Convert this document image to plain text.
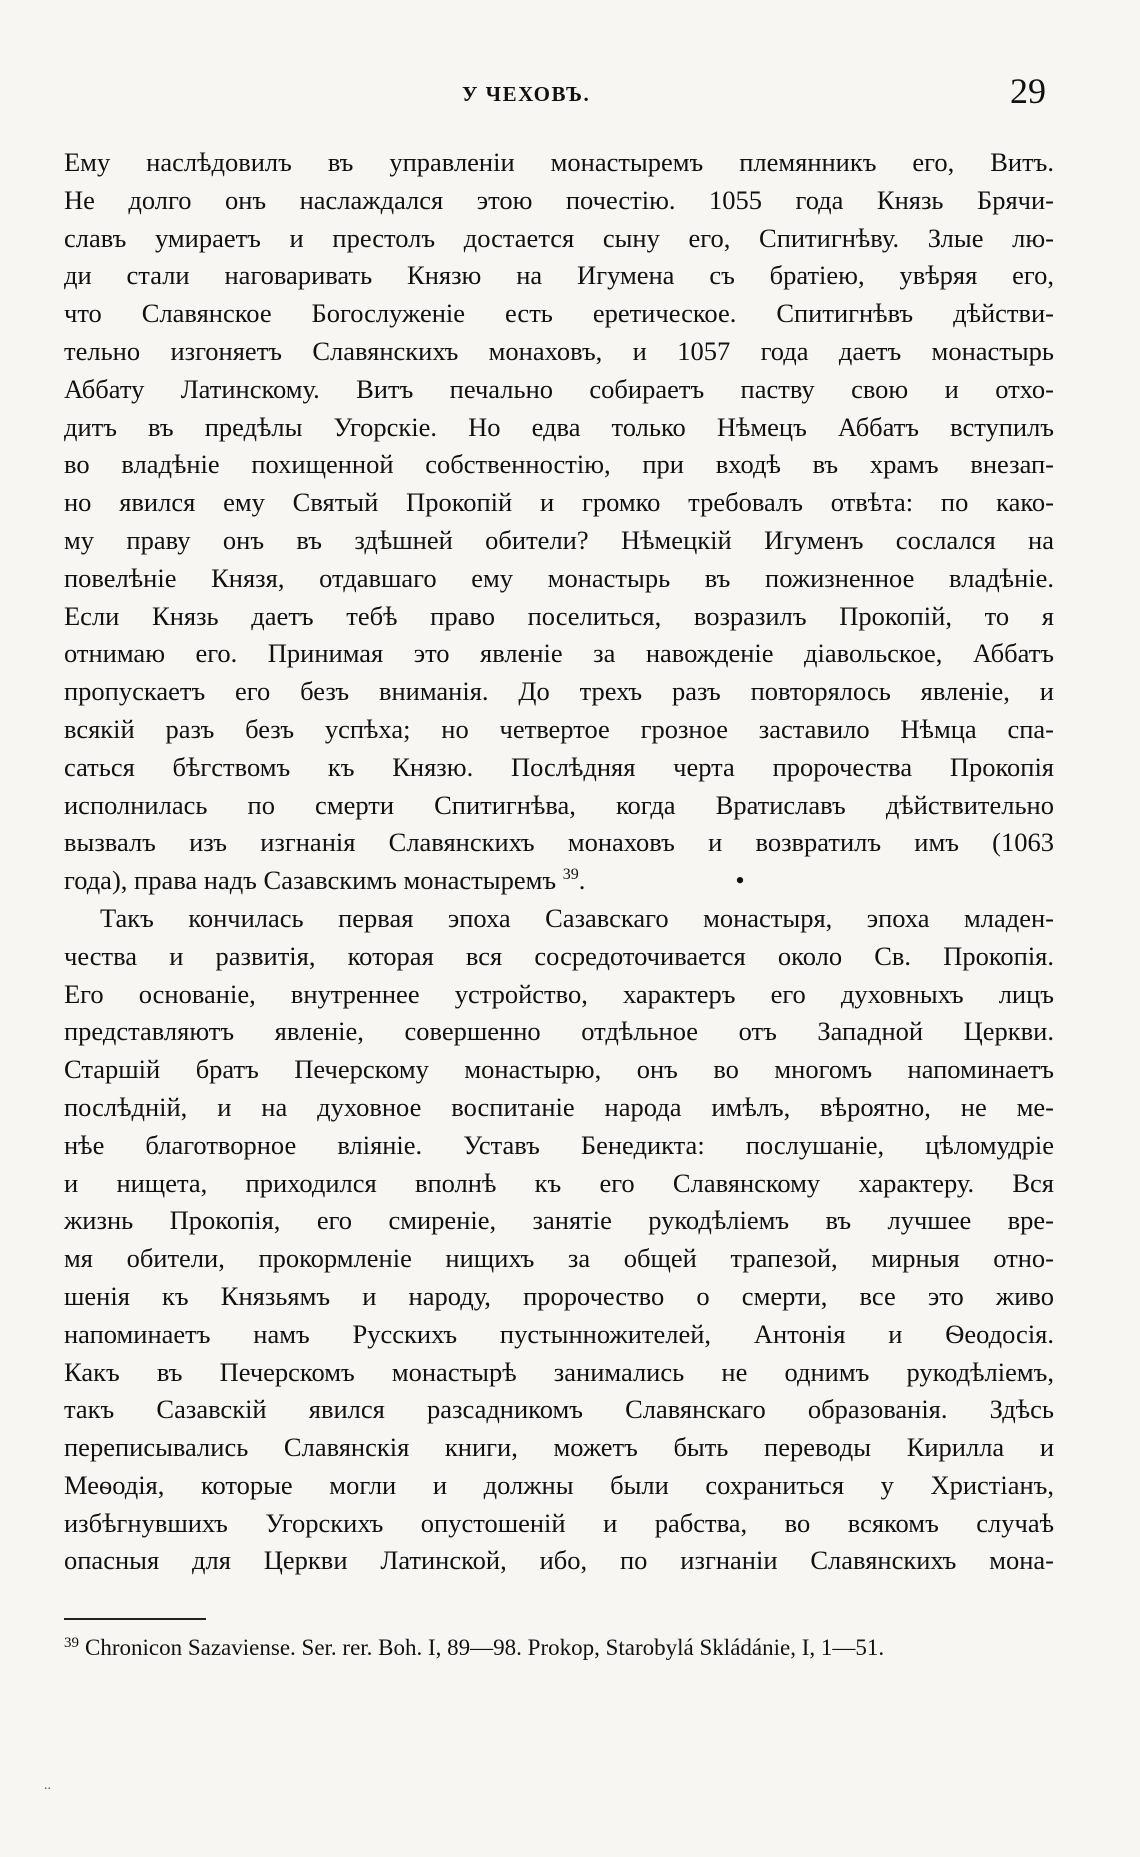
У ЧЕХОВЪ.	29
Ему наслѣдовилъ въ управленіи монастыремъ племянникъ его, Витъ.
Не долго онъ наслаждался этою почестію. 1055 года Князь Брячи-
славъ умираетъ и престолъ достается сыну его, Спитигнѣву. Злые лю-
ди стали наговаривать Князю на Игумена съ братіею, увѣряя его,
что Славянское Богослуженіе есть еретическое. Спитигнѣвъ дѣйстви-
тельно изгоняетъ Славянскихъ монаховъ, и 1057 года даетъ монастырь
Аббату Латинскому. Витъ печально собираетъ паству свою и отхо-
дитъ въ предѣлы Угорскіе. Но едва только Нѣмецъ Аббатъ вступилъ
во владѣніе похищенной собственностію, при входѣ въ храмъ внезап-
но явился ему Святый Прокопій и громко требовалъ отвѣта: по како-
му праву онъ въ здѣшней обители? Нѣмецкій Игуменъ сослался на
повелѣніе Князя, отдавшаго ему монастырь въ пожизненное владѣніе.
Если Князь даетъ тебѣ право поселиться, возразилъ Прокопій, то я
отнимаю его. Принимая это явленіе за навожденіе діавольское, Аббатъ
пропускаетъ его безъ вниманія. До трехъ разъ повторялось явленіе, и
всякій разъ безъ успѣха; но четвертое грозное заставило Нѣмца спа-
саться бѣгствомъ къ Князю. Послѣдняя черта пророчества Прокопія
исполнилась по смерти Спитигнѣва, когда Вратиславъ дѣйствительно
вызвалъ изъ изгнанія Славянскихъ монаховъ и возвратилъ имъ (1063
года), права надъ Сазавскимъ монастыремъ $^{39}$.	•
Такъ кончилась первая эпоха Сазавскаго монастыря, эпоха младен-
чества и развитія, которая вся сосредоточивается около Св. Прокопія.
Его основаніе, внутреннее устройство, характеръ его духовныхъ лицъ
представляютъ явленіе, совершенно отдѣльное отъ Западной Церкви.
Старшій братъ Печерскому монастырю, онъ во многомъ напоминаетъ
послѣдній, и на духовное воспитаніе народа имѣлъ, вѣроятно, не ме-
нѣе благотворное вліяніе. Уставъ Бенедикта: послушаніе, цѣломудріе
и нищета, приходился вполнѣ къ его Славянскому характеру. Вся
жизнь Прокопія, его смиреніе, занятіе рукодѣліемъ въ лучшее вре-
мя обители, прокормленіе нищихъ за общей трапезой, мирныя отно-
шенія къ Князьямъ и народу, пророчество о смерти, все это живо
напоминаетъ намъ Русскихъ пустынножителей, Антонія и Ѳеодосія.
Какъ въ Печерскомъ монастырѣ занимались не однимъ рукодѣліемъ,
такъ Сазавскій явился разсадникомъ Славянскаго образованія. Здѣсь
переписывались Славянскія книги, можетъ быть переводы Кирилла и
Меѳодія, которые могли и должны были сохраниться у Христіанъ,
избѣгнувшихъ Угорскихъ опустошеній и рабства, во всякомъ случаѣ
опасныя для Церкви Латинской, ибо, по изгнаніи Славянскихъ мона-
$^{39}$ Chronicon Sazaviense. Ser. rer. Boh. I, 89—98. Prokop, Starobylá Skládánie, I, 1—51.
..
